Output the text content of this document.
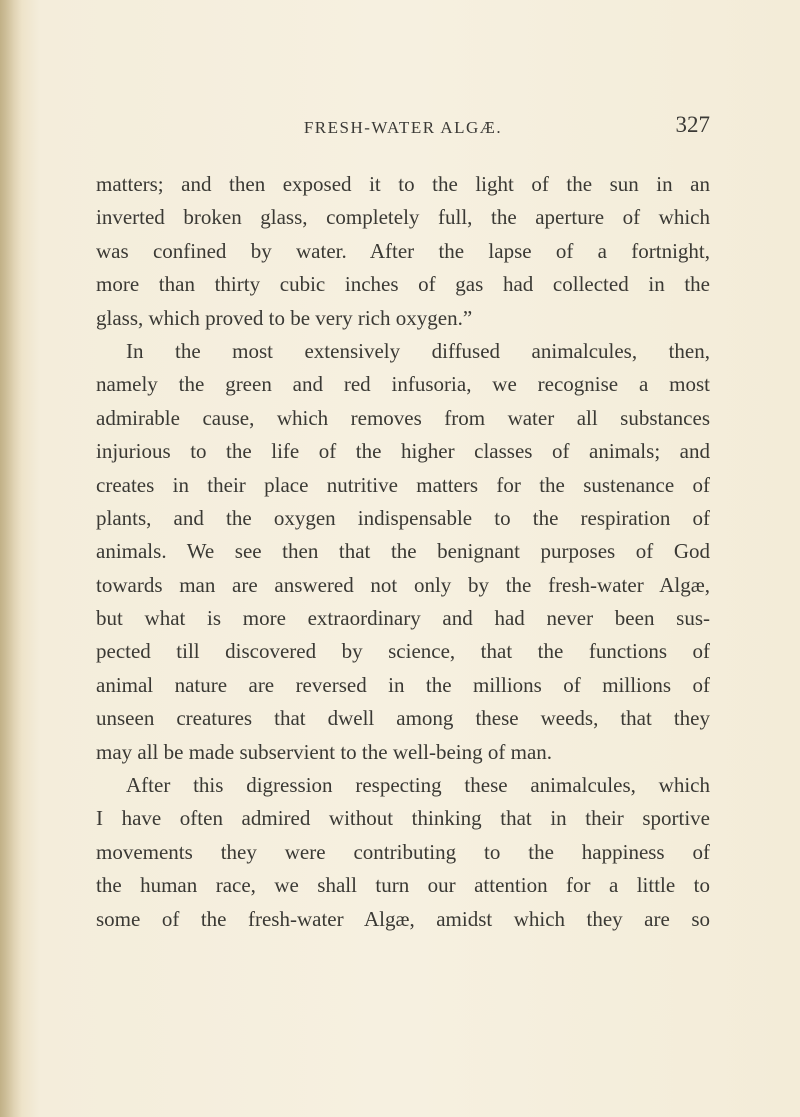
FRESH-WATER ALGÆ.	327
matters; and then exposed it to the light of the sun in an
inverted broken glass, completely full, the aperture of which
was confined by water. After the lapse of a fortnight,
more than thirty cubic inches of gas had collected in the
glass, which proved to be very rich oxygen.”
In the most extensively diffused animalcules, then,
namely the green and red infusoria, we recognise a most
admirable cause, which removes from water all substances
injurious to the life of the higher classes of animals; and
creates in their place nutritive matters for the sustenance of
plants, and the oxygen indispensable to the respiration of
animals. We see then that the benignant purposes of God
towards man are answered not only by the fresh-water Algæ,
but what is more extraordinary and had never been sus-
pected till discovered by science, that the functions of
animal nature are reversed in the millions of millions of
unseen creatures that dwell among these weeds, that they
may all be made subservient to the well-being of man.
After this digression respecting these animalcules, which
I have often admired without thinking that in their sportive
movements they were contributing to the happiness of
the human race, we shall turn our attention for a little to
some of the fresh-water Algæ, amidst which they are so
